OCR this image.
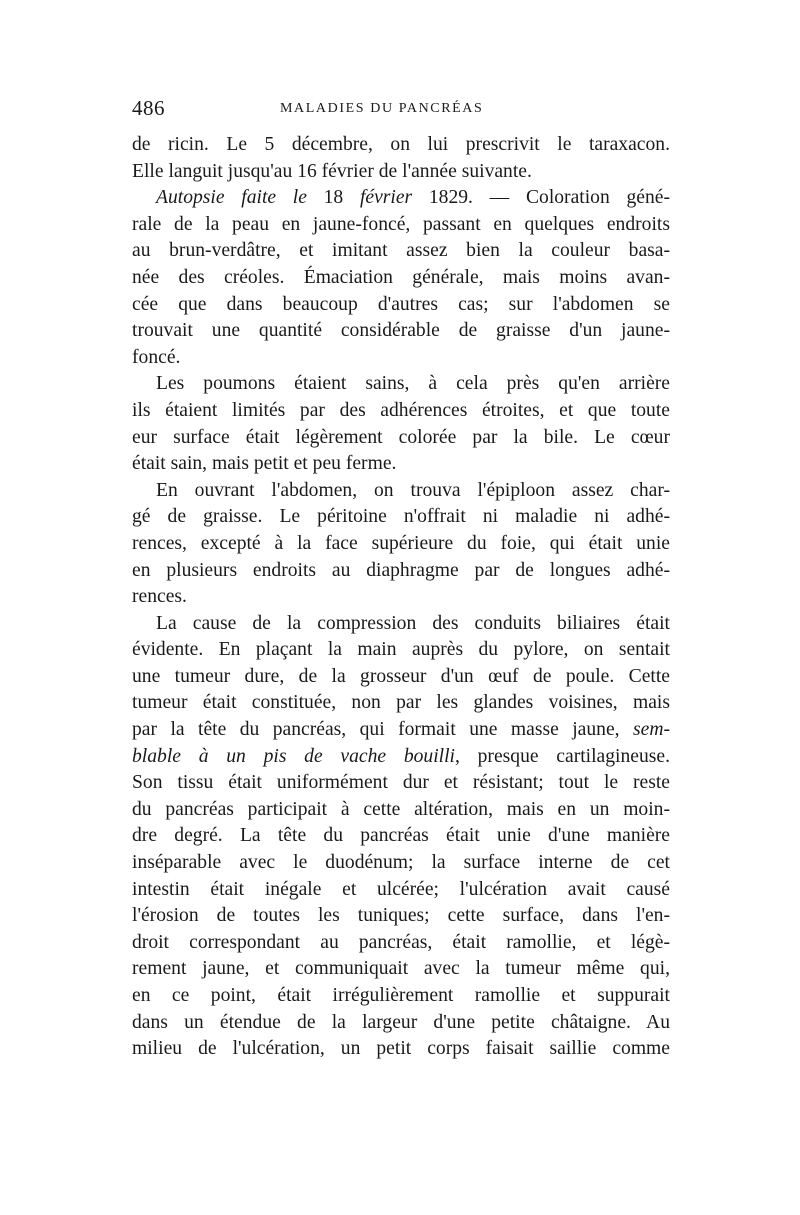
486	MALADIES DU PANCRÉAS
de ricin. Le 5 décembre, on lui prescrivit le taraxacon.
Elle languit jusqu'au 16 février de l'année suivante.
Autopsie faite le 18 février 1829. — Coloration géné-
rale de la peau en jaune-foncé, passant en quelques endroits
au brun-verdâtre, et imitant assez bien la couleur basa-
née des créoles. Émaciation générale, mais moins avan-
cée que dans beaucoup d'autres cas; sur l'abdomen se
trouvait une quantité considérable de graisse d'un jaune-
foncé.
Les poumons étaient sains, à cela près qu'en arrière
ils étaient limités par des adhérences étroites, et que toute
eur surface était légèrement colorée par la bile. Le cœur
était sain, mais petit et peu ferme.
En ouvrant l'abdomen, on trouva l'épiploon assez char-
gé de graisse. Le péritoine n'offrait ni maladie ni adhé-
rences, excepté à la face supérieure du foie, qui était unie
en plusieurs endroits au diaphragme par de longues adhé-
rences.
La cause de la compression des conduits biliaires était
évidente. En plaçant la main auprès du pylore, on sentait
une tumeur dure, de la grosseur d'un œuf de poule. Cette
tumeur était constituée, non par les glandes voisines, mais
par la tête du pancréas, qui formait une masse jaune, sem-
blable à un pis de vache bouilli, presque cartilagineuse.
Son tissu était uniformément dur et résistant; tout le reste
du pancréas participait à cette altération, mais en un moin-
dre degré. La tête du pancréas était unie d'une manière
inséparable avec le duodénum; la surface interne de cet
intestin était inégale et ulcérée; l'ulcération avait causé
l'érosion de toutes les tuniques; cette surface, dans l'en-
droit correspondant au pancréas, était ramollie, et légè-
rement jaune, et communiquait avec la tumeur même qui,
en ce point, était irrégulièrement ramollie et suppurait
dans un étendue de la largeur d'une petite châtaigne. Au
milieu de l'ulcération, un petit corps faisait saillie comme
